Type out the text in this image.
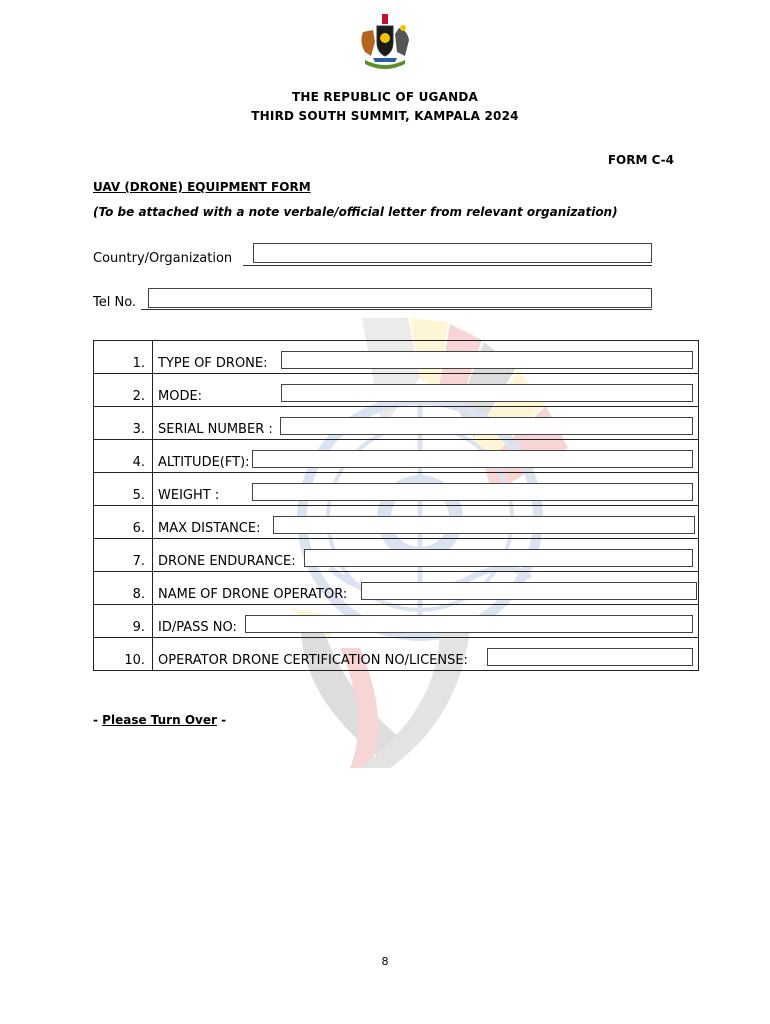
THE REPUBLIC OF UGANDA
THIRD SOUTH SUMMIT, KAMPALA 2024
FORM C-4
UAV (DRONE) EQUIPMENT FORM
(To be attached with a note verbale/official letter from relevant organization)
Country/Organization
Tel No.
1.	TYPE OF DRONE:

2.	MODE:

3.	SERIAL NUMBER :

4.	ALTITUDE(FT):

5.	WEIGHT :

6.	MAX DISTANCE:

7.	DRONE ENDURANCE:

8.	NAME OF DRONE OPERATOR:

9.	ID/PASS NO:

10.	OPERATOR DRONE CERTIFICATION NO/LICENSE:
- Please Turn Over -
8
